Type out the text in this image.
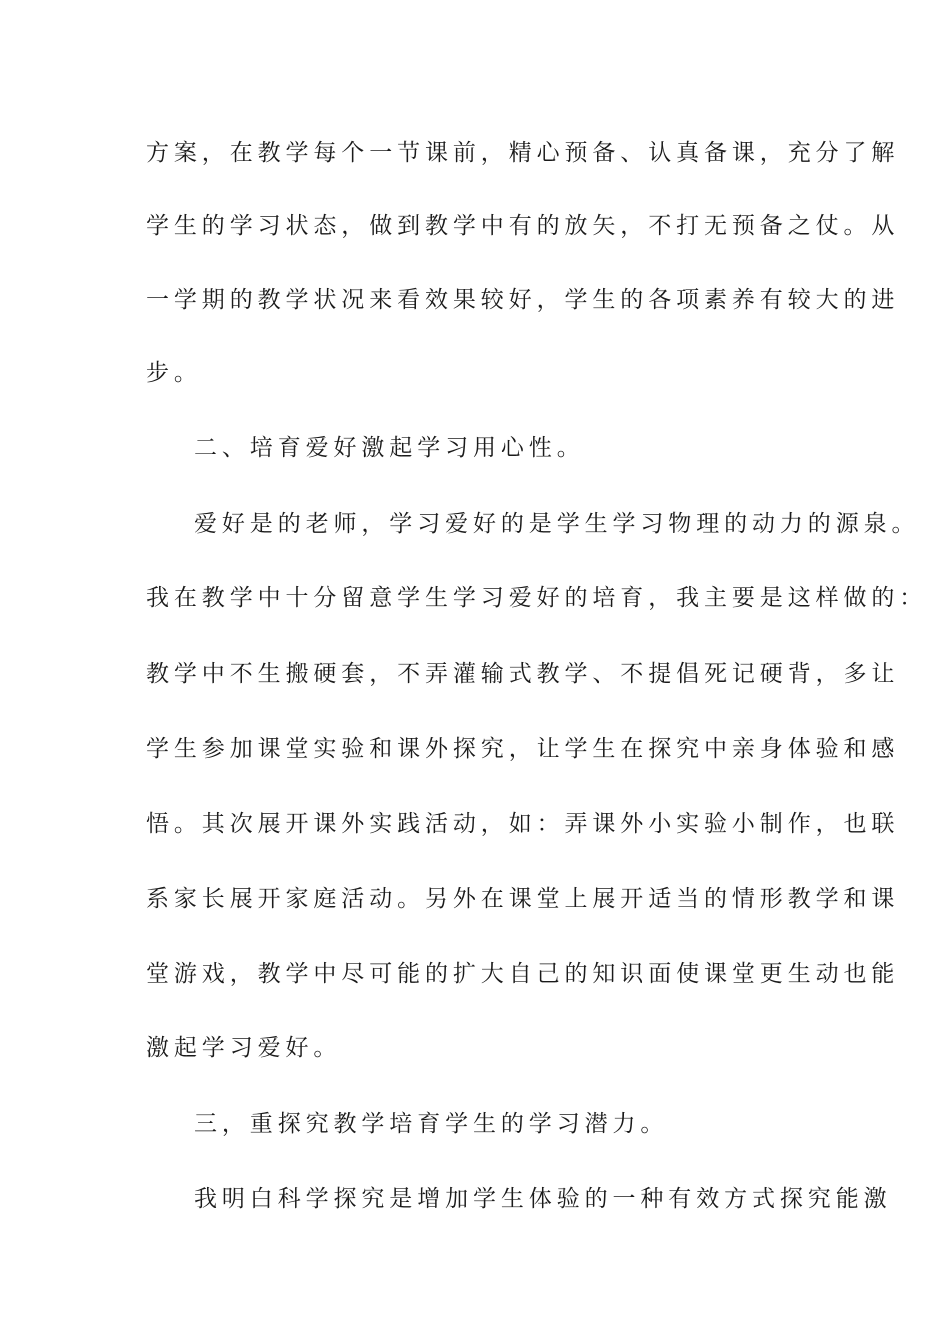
方案，在教学每个一节课前，精心预备、认真备课，充分了解
学生的学习状态，做到教学中有的放矢，不打无预备之仗。从
一学期的教学状况来看效果较好，学生的各项素养有较大的进
步。
二、培育爱好激起学习用心性。
爱好是的老师，学习爱好的是学生学习物理的动力的源泉。
我在教学中十分留意学生学习爱好的培育，我主要是这样做的：
教学中不生搬硬套，不弄灌输式教学、不提倡死记硬背，多让
学生参加课堂实验和课外探究，让学生在探究中亲身体验和感
悟。其次展开课外实践活动，如：弄课外小实验小制作，也联
系家长展开家庭活动。另外在课堂上展开适当的情形教学和课
堂游戏，教学中尽可能的扩大自己的知识面使课堂更生动也能
激起学习爱好。
三，重探究教学培育学生的学习潜力。
我明白科学探究是增加学生体验的一种有效方式探究能激
